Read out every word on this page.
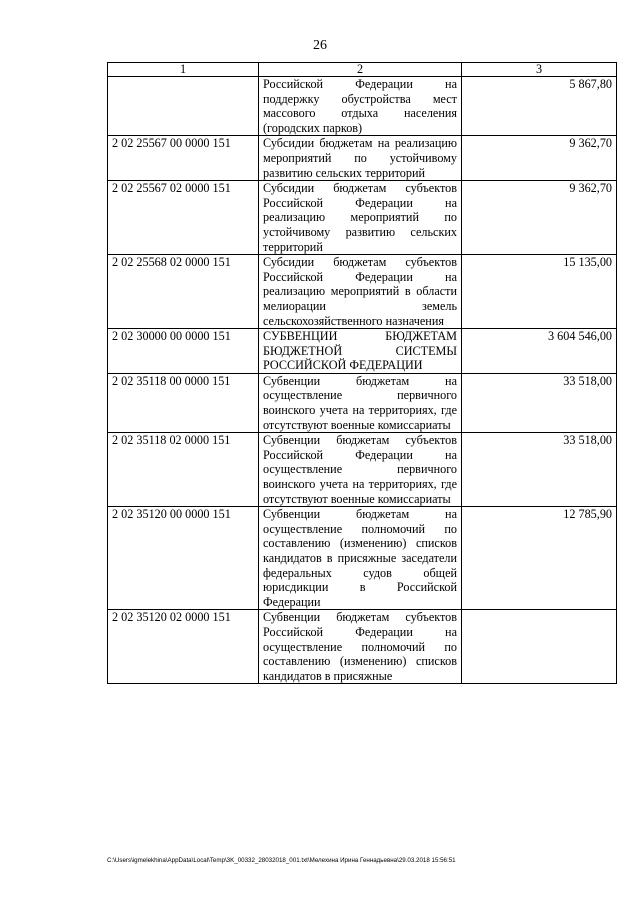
26
1	2	3
	Российской Федерации на поддержку обустройства мест массового отдыха населения (городских парков)	5 867,80
2 02 25567 00 0000 151	Субсидии бюджетам на реализацию мероприятий по устойчивому развитию сельских территорий	9 362,70
2 02 25567 02 0000 151	Субсидии бюджетам субъектов Российской Федерации на реализацию мероприятий по устойчивому развитию сельских территорий	9 362,70
2 02 25568 02 0000 151	Субсидии бюджетам субъектов Российской Федерации на реализацию мероприятий в области мелиорации земель сельскохозяйственного назначения	15 135,00
2 02 30000 00 0000 151	СУБВЕНЦИИ БЮДЖЕТАМ БЮДЖЕТНОЙ СИСТЕМЫ РОССИЙСКОЙ ФЕДЕРАЦИИ	3 604 546,00
2 02 35118 00 0000 151	Субвенции бюджетам на осуществление первичного воинского учета на территориях, где отсутствуют военные комиссариаты	33 518,00
2 02 35118 02 0000 151	Субвенции бюджетам субъектов Российской Федерации на осуществление первичного воинского учета на территориях, где отсутствуют военные комиссариаты	33 518,00
2 02 35120 00 0000 151	Субвенции бюджетам на осуществление полномочий по составлению (изменению) списков кандидатов в присяжные заседатели федеральных судов общей юрисдикции в Российской Федерации	12 785,90
2 02 35120 02 0000 151	Субвенции бюджетам субъектов Российской Федерации на осуществление полномочий по составлению (изменению) списков кандидатов в присяжные	
C:\Users\igmelekhina\AppData\Local\Temp\3K_00332_28032018_001.txt\Мелехина Ирина Геннадьевна\29.03.2018 15:56:51
